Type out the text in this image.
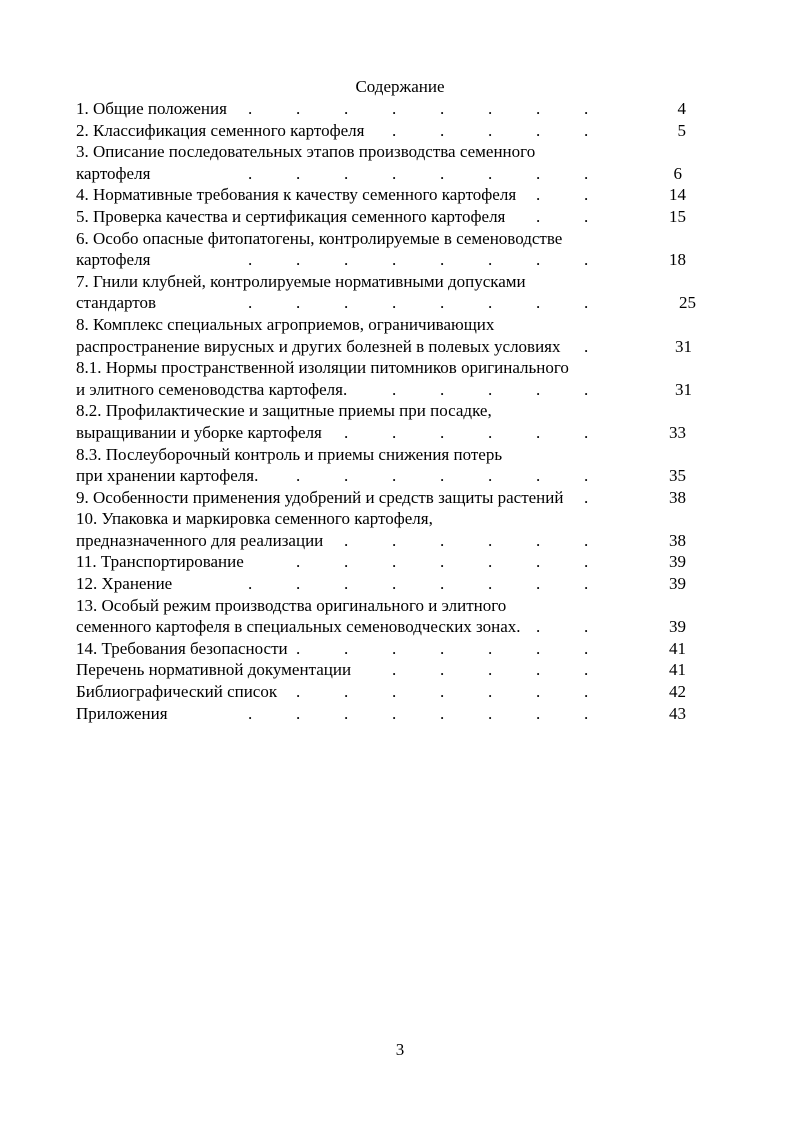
Содержание
1. Общие положения .	.	.	.	.	.	.	.	4
2. Классификация семенного картофеля .	.	.	.	.	5
3. Описание последовательных этапов производства семенного
картофеля	.	.	.	.	.	.	.	.	6
4. Нормативные требования к качеству семенного картофеля .	.	14
5. Проверка качества и сертификация семенного картофеля .	.	15
6. Особо опасные фитопатогены, контролируемые в семеноводстве
картофеля	.	.	.	.	.	.	.	.	18
7. Гнили клубней, контролируемые нормативными допусками
стандартов	.	.	.	.	.	.	.	.	25
8. Комплекс специальных агроприемов, ограничивающих
распространение вирусных и других болезней в полевых условиях .	31
8.1. Нормы пространственной изоляции питомников оригинального
и элитного семеноводства картофеля.	.	.	.	.	.	31
8.2. Профилактические и защитные приемы при посадке,
выращивании и уборке картофеля .	.	.	.	.	.	33
8.3. Послеуборочный контроль и приемы снижения потерь
при хранении картофеля. .	.	.	.	.	.	.	35
9. Особенности применения удобрений и средств защиты растений .	38
10. Упаковка и маркировка семенного картофеля,
предназначенного для реализации .	.	.	.	.	.	38
11. Транспортирование	.	.	.	.	.	.	.	39
12. Хранение	.	.	.	.	.	.	.	.	39
13. Особый режим производства оригинального и элитного
семенного картофеля в специальных семеноводческих зонах. .	.	39
14. Требования безопасности .	.	.	.	.	.	.	41
Перечень нормативной документации .	.	.	.	.	41
Библиографический список .	.	.	.	.	.	.	42
Приложения	.	.	.	.	.	.	.	.	43
3
